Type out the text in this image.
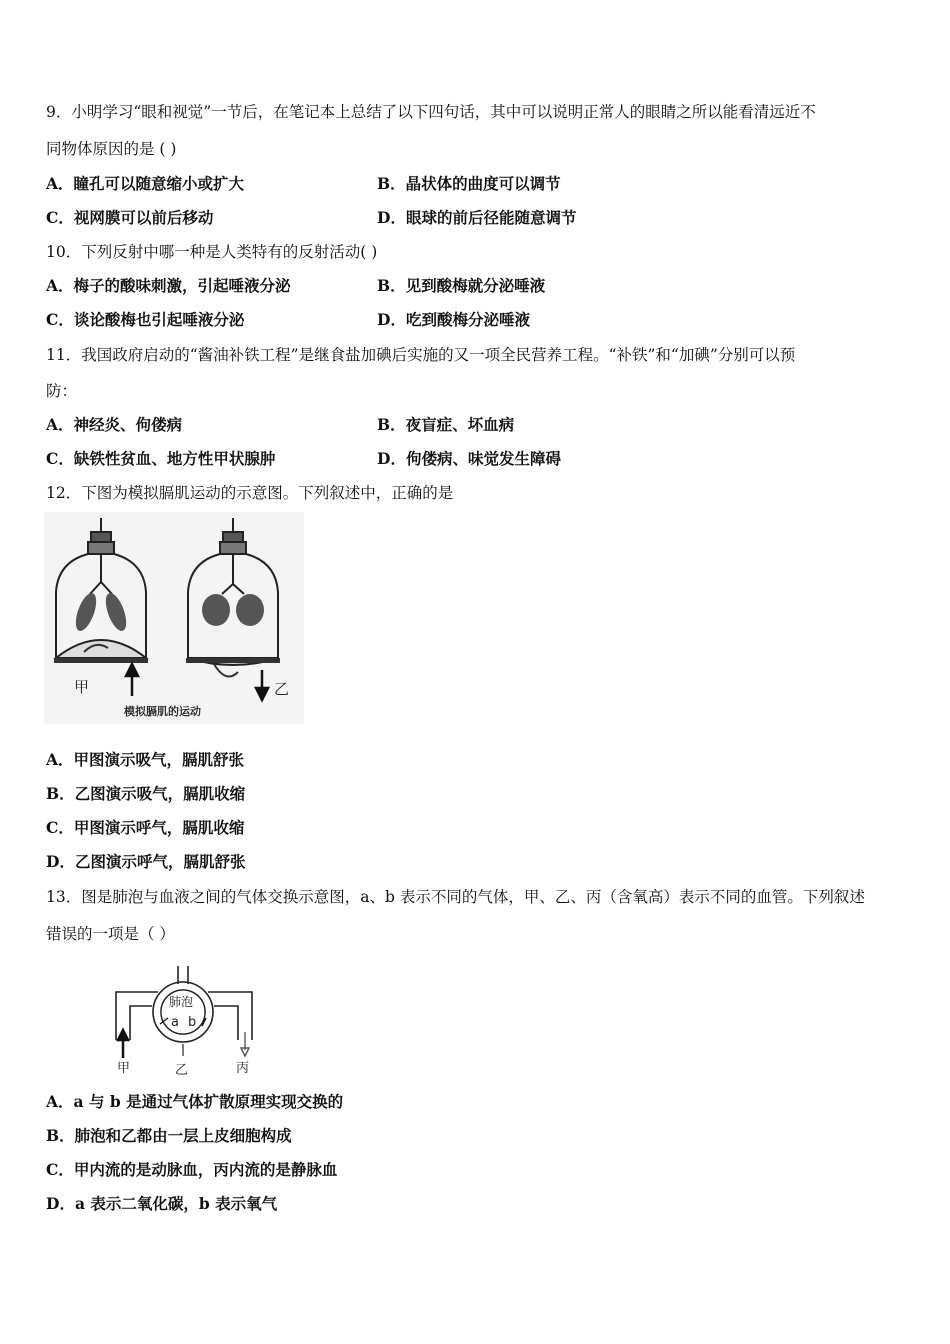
9．小明学习“眼和视觉”一节后，在笔记本上总结了以下四句话，其中可以说明正常人的眼睛之所以能看清远近不
同物体原因的是 ( )
A．瞳孔可以随意缩小或扩大	B．晶状体的曲度可以调节
C．视网膜可以前后移动	D．眼球的前后径能随意调节
10．下列反射中哪一种是人类特有的反射活动( )
A．梅子的酸味刺激，引起唾液分泌	B．见到酸梅就分泌唾液
C．谈论酸梅也引起唾液分泌	D．吃到酸梅分泌唾液
11．我国政府启动的“酱油补铁工程”是继食盐加碘后实施的又一项全民营养工程。“补铁”和“加碘”分别可以预
防：
A．神经炎、佝偻病	B．夜盲症、坏血病
C．缺铁性贫血、地方性甲状腺肿	D．佝偻病、味觉发生障碍
12．下图为模拟膈肌运动的示意图。下列叙述中，正确的是
甲	乙
模拟膈肌的运动
A．甲图演示吸气，膈肌舒张
B．乙图演示吸气，膈肌收缩
C．甲图演示呼气，膈肌收缩
D．乙图演示呼气，膈肌舒张
13．图是肺泡与血液之间的气体交换示意图，a、b 表示不同的气体，甲、乙、丙（含氧高）表示不同的血管。下列叙述
错误的一项是（ ）
肺泡
a b
甲	乙	丙
A．a 与 b 是通过气体扩散原理实现交换的
B．肺泡和乙都由一层上皮细胞构成
C．甲内流的是动脉血，丙内流的是静脉血
D．a 表示二氧化碳，b 表示氧气
